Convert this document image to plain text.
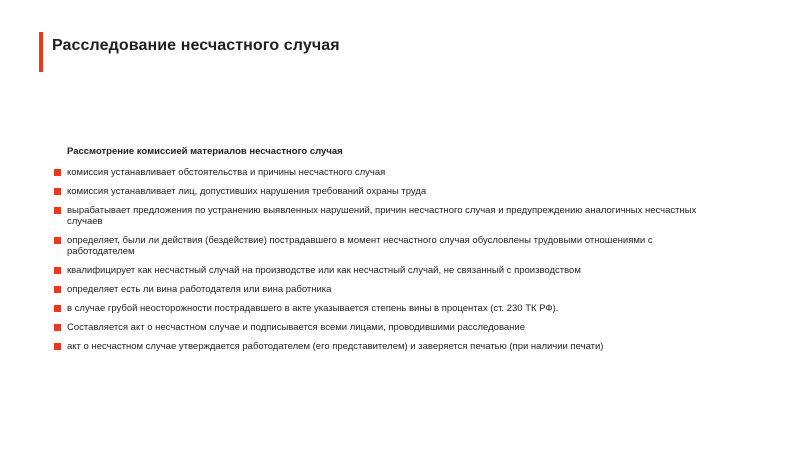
Расследование несчастного случая
Рассмотрение комиссией материалов несчастного случая
комиссия устанавливает обстоятельства и причины несчастного случая
комиссия устанавливает лиц, допустивших нарушения требований охраны труда
вырабатывает предложения по устранению выявленных нарушений, причин несчастного случая и предупреждению аналогичных несчастных случаев
определяет, были ли действия (бездействие) пострадавшего в момент несчастного случая обусловлены трудовыми отношениями с работодателем
квалифицирует как несчастный случай на производстве или как несчастный случай, не связанный с производством
определяет есть ли вина работодателя или вина работника
в случае грубой неосторожности пострадавшего в акте указывается степень вины в процентах (ст. 230 ТК РФ).
Составляется акт о несчастном случае и подписывается всеми лицами, проводившими расследование
акт о несчастном случае утверждается работодателем (его представителем) и заверяется печатью (при наличии печати)
